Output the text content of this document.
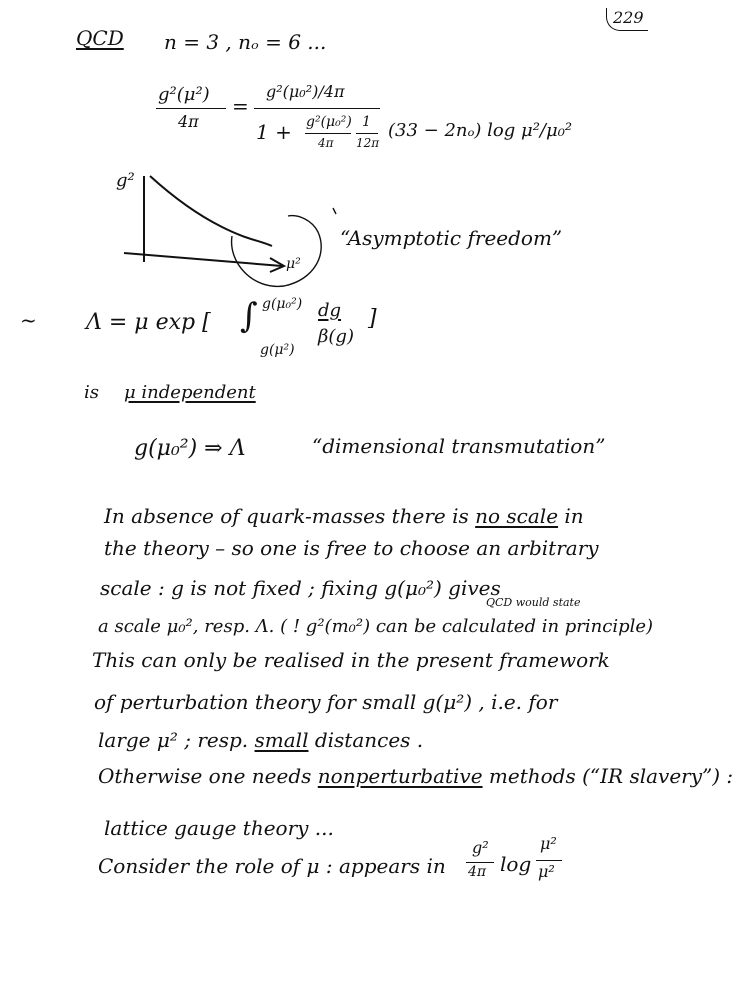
229
QCD n = 3 , nₒ = 6 ...
g²(μ²)
4π
=
g²(μ₀²)/4π
1 + g²(μ₀²)
4π
1
12π
(33 − 2nₒ) log μ²/μ₀²
g²
μ²
“Asymptotic freedom”
~ Λ = μ exp [ ∫ g(μ₀²)
g(μ²)
dg
β(g)
]
is μ independent
g(μ₀²) ⇒ Λ	“dimensional transmutation”
In absence of quark-masses there is no scale in
the theory – so one is free to choose an arbitrary
scale : g is not fixed ; fixing g(μ₀²) gives
QCD would state
a scale μ₀², resp. Λ. ( ! g²(m₀²) can be calculated in principle)
This can only be realised in the present framework
of perturbation theory for small g(μ²) , i.e. for
large μ² ; resp. small distances .
Otherwise one needs nonperturbative methods (“IR slavery”) :
lattice gauge theory ...
Consider the role of μ : appears in
g²
4π log
μ²
μ²
